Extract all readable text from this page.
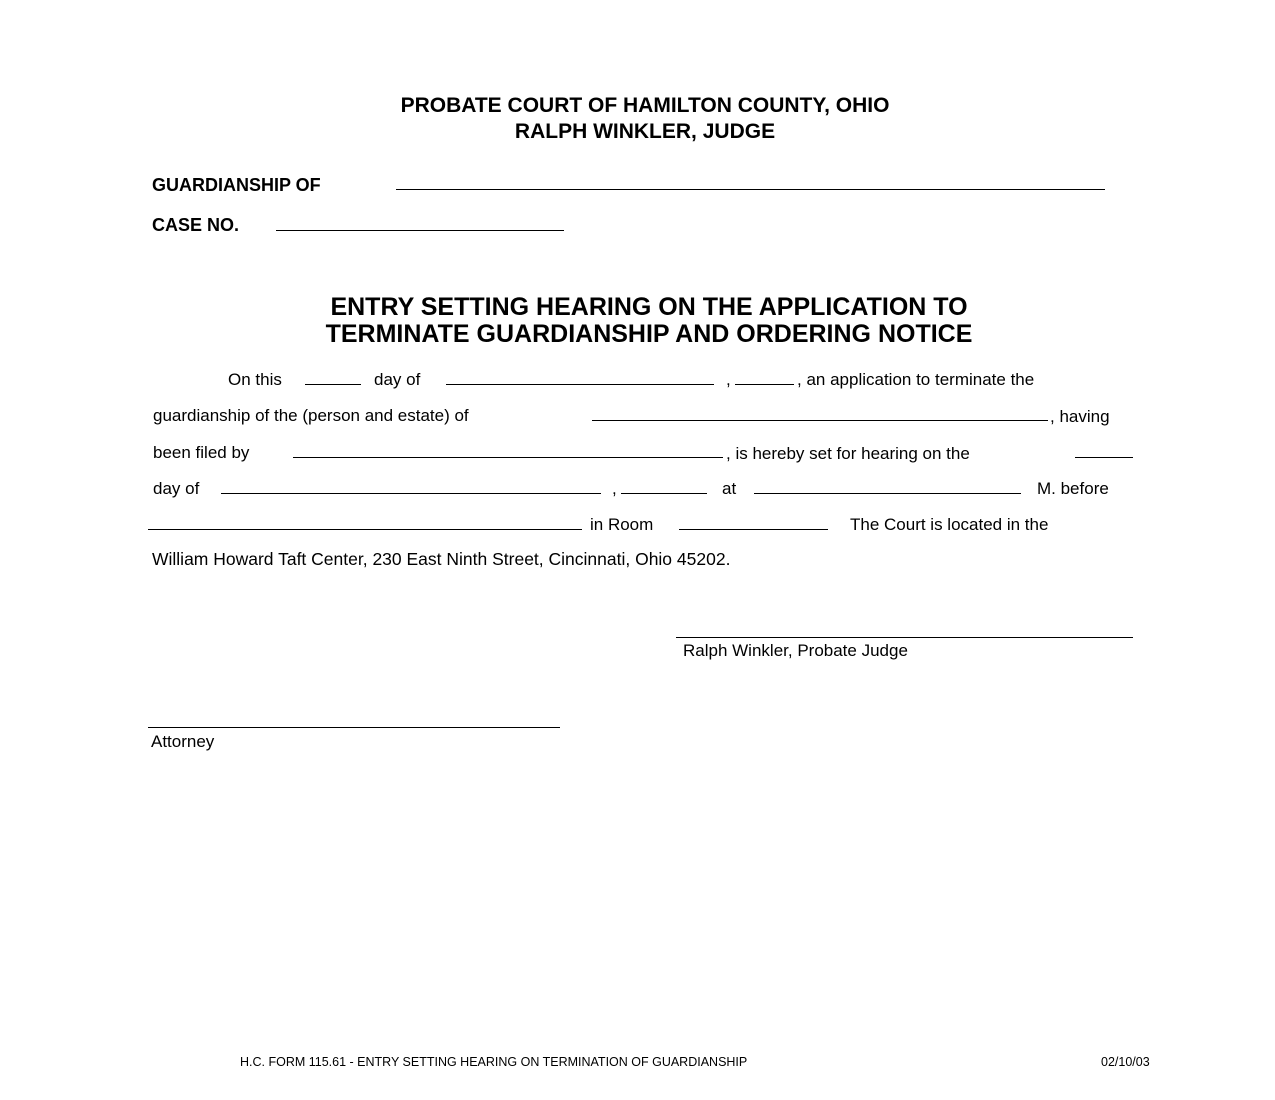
PROBATE COURT OF HAMILTON COUNTY, OHIO
RALPH WINKLER, JUDGE
GUARDIANSHIP OF
CASE NO.
ENTRY SETTING HEARING ON THE APPLICATION TO
TERMINATE GUARDIANSHIP AND ORDERING NOTICE
On this	day of	,	, an application to terminate the
guardianship of the (person and estate) of	, having
been filed by	, is hereby set for hearing on the
day of	,	at	M. before
in Room	The Court is located in the
William Howard Taft Center, 230 East Ninth Street, Cincinnati, Ohio 45202.
Ralph Winkler, Probate Judge
Attorney
H.C. FORM 115.61 - ENTRY SETTING HEARING ON TERMINATION OF GUARDIANSHIP	02/10/03
